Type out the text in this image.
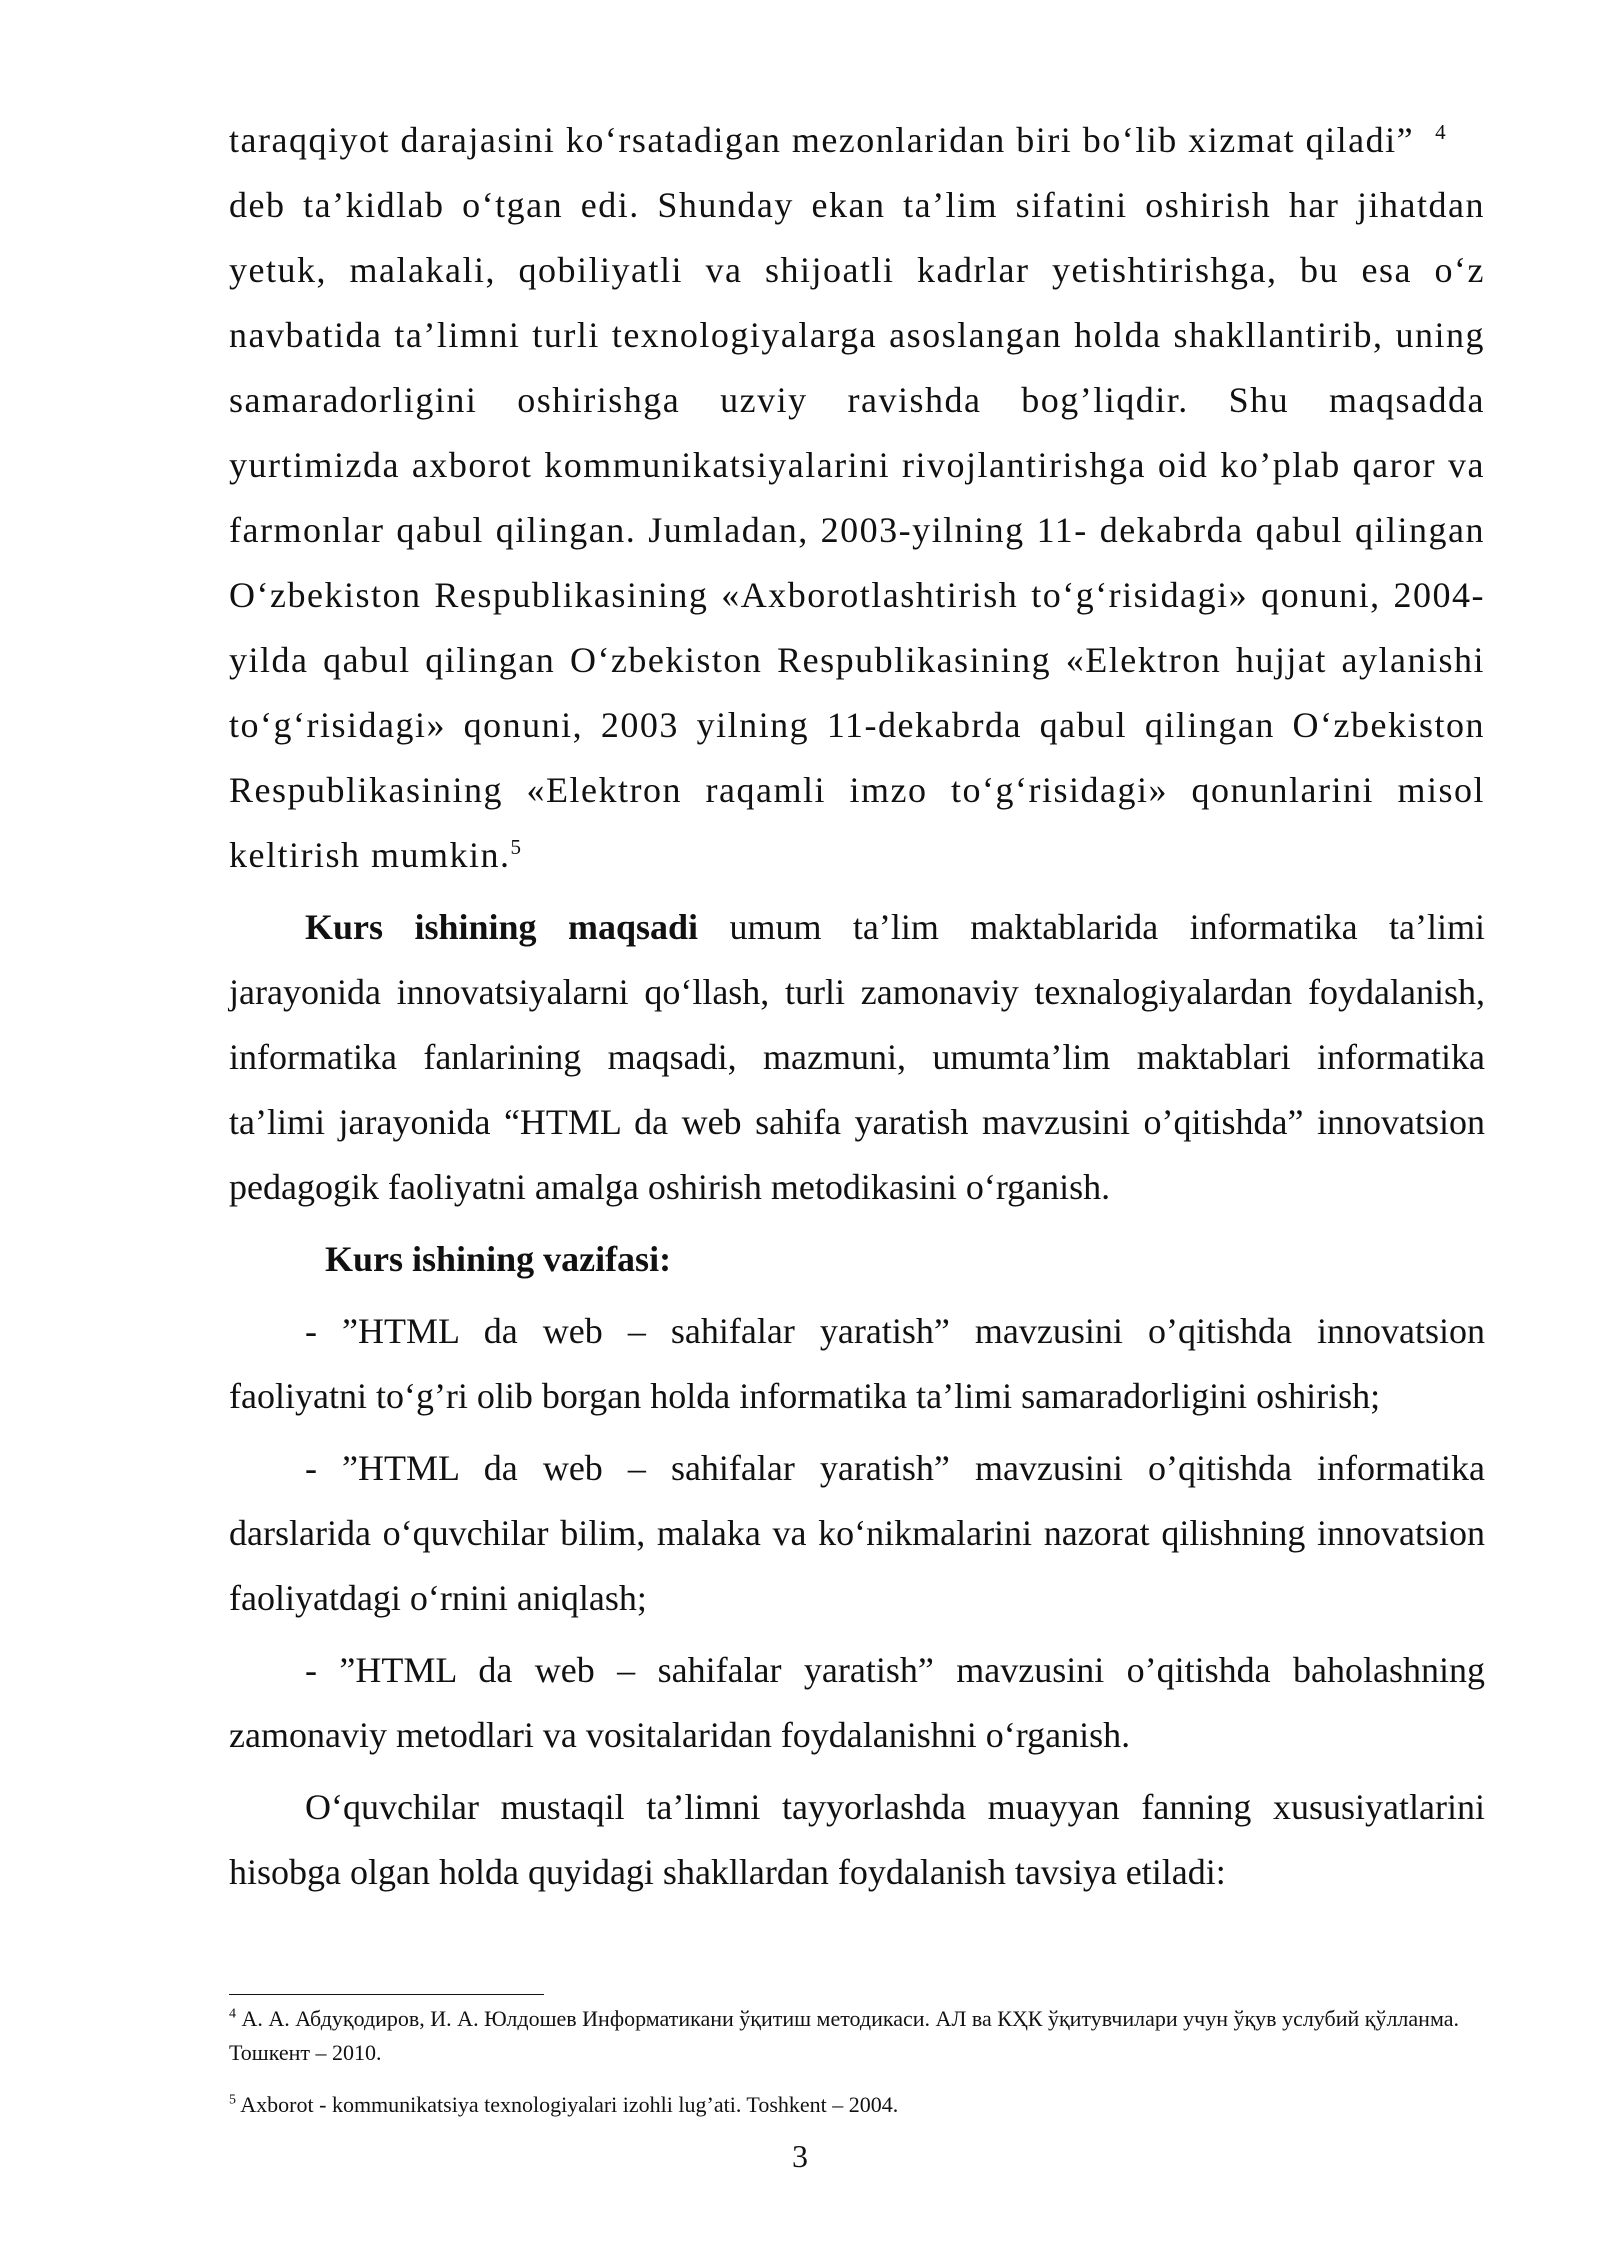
taraqqiyot darajasini ko‘rsatadigan mezonlaridan biri bo‘lib xizmat qiladi” $^4$

deb ta’kidlab o‘tgan edi. Shunday ekan ta’lim sifatini oshirish har jihatdan yetuk, malakali, qobiliyatli va shijoatli kadrlar yetishtirishga, bu esa o‘z navbatida ta’limni turli texnologiyalarga asoslangan holda shakllantirib, uning samaradorligini oshirishga uzviy ravishda bog’liqdir. Shu maqsadda yurtimizda axborot kommunikatsiyalarini rivojlantirishga oid ko’plab qaror va farmonlar qabul qilingan. Jumladan, 2003-yilning 11- dekabrda qabul qilingan O‘zbekiston Respublikasining «Axborotlashtirish to‘g‘risidagi» qonuni, 2004-yilda qabul qilingan O‘zbekiston Respublikasining «Elektron hujjat aylanishi to‘g‘risidagi» qonuni, 2003 yilning 11-dekabrda qabul qilingan O‘zbekiston Respublikasining «Elektron raqamli imzo to‘g‘risidagi» qonunlarini misol keltirish mumkin.$^5$

Kurs ishining maqsadi umum ta’lim maktablarida informatika ta’limi jarayonida innovatsiyalarni qo‘llash, turli zamonaviy texnalogiyalardan foydalanish, informatika fanlarining maqsadi, mazmuni, umumta’lim maktablari informatika ta’limi jarayonida “HTML da web sahifa yaratish mavzusini o’qitishda” innovatsion pedagogik faoliyatni amalga oshirish metodikasini o‘rganish.

Kurs ishining vazifasi:

- ”HTML da web – sahifalar yaratish” mavzusini o’qitishda innovatsion faoliyatni to‘g’ri olib borgan holda informatika ta’limi samaradorligini oshirish;

- ”HTML da web – sahifalar yaratish” mavzusini o’qitishda informatika darslarida o‘quvchilar bilim, malaka va ko‘nikmalarini nazorat qilishning innovatsion faoliyatdagi o‘rnini aniqlash;

- ”HTML da web – sahifalar yaratish” mavzusini o’qitishda baholashning zamonaviy metodlari va vositalaridan foydalanishni o‘rganish.

O‘quvchilar mustaqil ta’limni tayyorlashda muayyan fanning xususiyatlarini hisobga olgan holda quyidagi shakllardan foydalanish tavsiya etiladi:

$^4$ А. А. Абдуқодиров, И. А. Юлдошев Информатикани ўқитиш методикаси. АЛ ва КҲК ўқитувчилари учун ўқув услубий қўлланма. Тошкент – 2010.

$^5$ Axborot - kommunikatsiya texnologiyalari izohli lug’ati. Toshkent – 2004.

3
